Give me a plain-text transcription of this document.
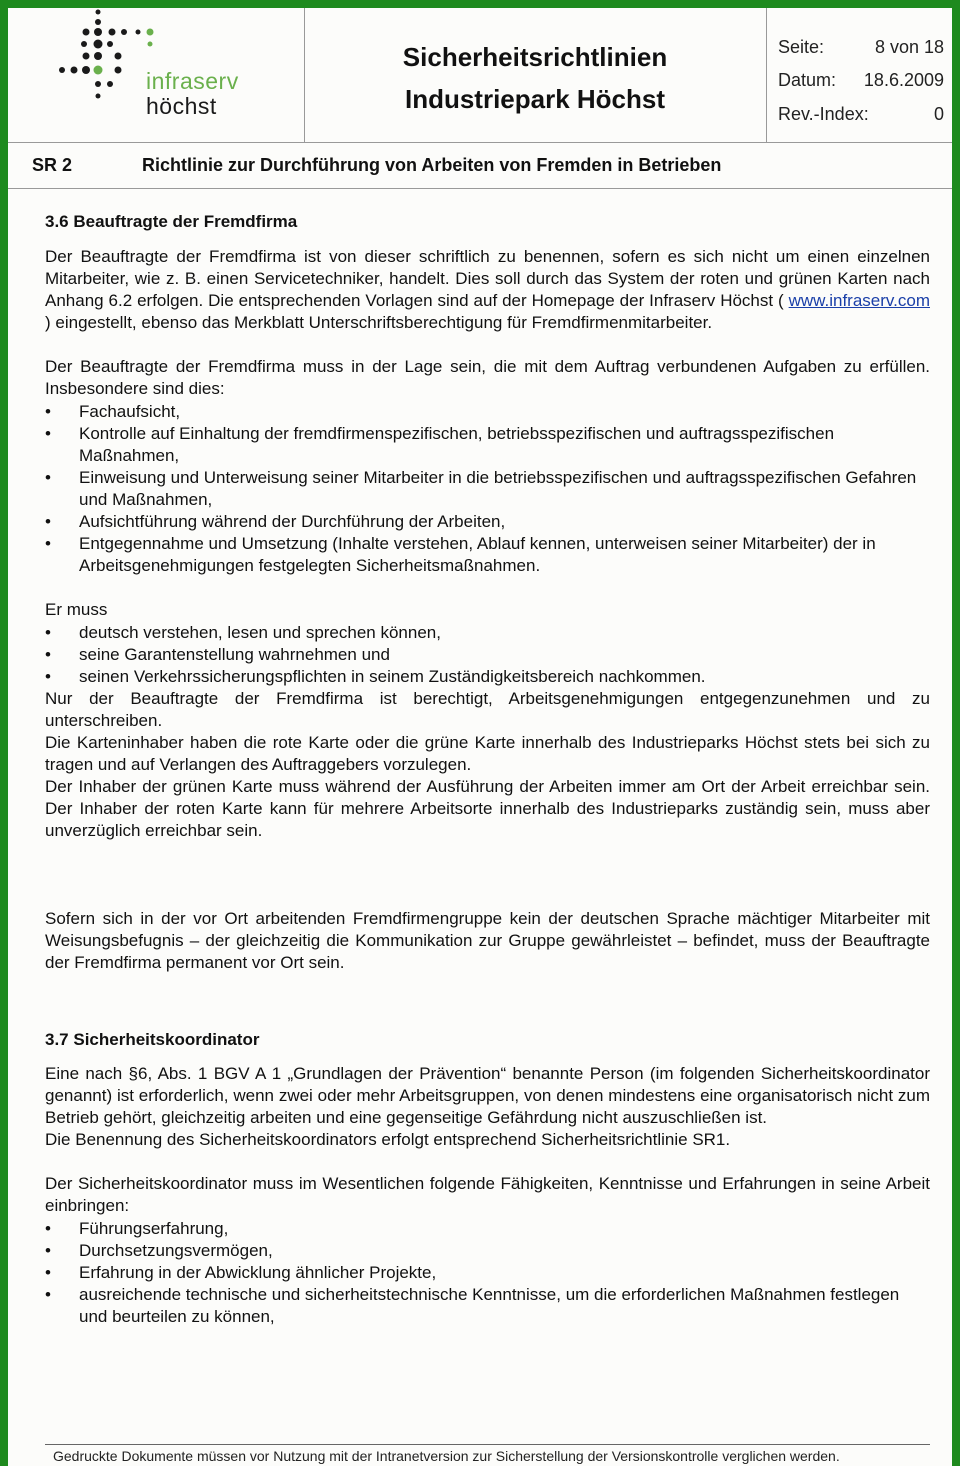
infraserv
höchst
Sicherheitsrichtlinien
Industriepark Höchst
Seite:	8 von 18
Datum: 18.6.2009
Rev.-Index:	0
SR 2	Richtlinie zur Durchführung von Arbeiten von Fremden in Betrieben
3.6 Beauftragte der Fremdfirma

Der Beauftragte der Fremdfirma ist von dieser schriftlich zu benennen, sofern es sich nicht um einen einzelnen Mitarbeiter, wie z. B. einen Servicetechniker, handelt. Dies soll durch das System der roten und grünen Karten nach Anhang 6.2 erfolgen. Die entsprechenden Vorlagen sind auf der Homepage der Infraserv Höchst ( www.infraserv.com ) eingestellt, ebenso das Merkblatt Unterschriftsberechtigung für Fremdfirmenmitarbeiter.

Der Beauftragte der Fremdfirma muss in der Lage sein, die mit dem Auftrag verbundenen Aufgaben zu erfüllen. Insbesondere sind dies:

• Fachaufsicht,
• Kontrolle auf Einhaltung der fremdfirmenspezifischen, betriebsspezifischen und auftragsspezifischen Maßnahmen,
• Einweisung und Unterweisung seiner Mitarbeiter in die betriebsspezifischen und auftragsspezifischen Gefahren und Maßnahmen,
• Aufsichtführung während der Durchführung der Arbeiten,
• Entgegennahme und Umsetzung (Inhalte verstehen, Ablauf kennen, unterweisen seiner Mitarbeiter) der in Arbeitsgenehmigungen festgelegten Sicherheitsmaßnahmen.

Er muss

• deutsch verstehen, lesen und sprechen können,
• seine Garantenstellung wahrnehmen und
• seinen Verkehrssicherungspflichten in seinem Zuständigkeitsbereich nachkommen.

Nur der Beauftragte der Fremdfirma ist berechtigt, Arbeitsgenehmigungen entgegenzunehmen und zu unterschreiben.

Die Karteninhaber haben die rote Karte oder die grüne Karte innerhalb des Industrieparks Höchst stets bei sich zu tragen und auf Verlangen des Auftraggebers vorzulegen.

Der Inhaber der grünen Karte muss während der Ausführung der Arbeiten immer am Ort der Arbeit erreichbar sein. Der Inhaber der roten Karte kann für mehrere Arbeitsorte innerhalb des Industrieparks zuständig sein, muss aber unverzüglich erreichbar sein.

Sofern sich in der vor Ort arbeitenden Fremdfirmengruppe kein der deutschen Sprache mächtiger Mitarbeiter mit Weisungsbefugnis – der gleichzeitig die Kommunikation zur Gruppe gewährleistet – befindet, muss der Beauftragte der Fremdfirma permanent vor Ort sein.

3.7 Sicherheitskoordinator

Eine nach §6, Abs. 1 BGV A 1 „Grundlagen der Prävention“ benannte Person (im folgenden Sicherheitskoordinator genannt) ist erforderlich, wenn zwei oder mehr Arbeitsgruppen, von denen mindestens eine organisatorisch nicht zum Betrieb gehört, gleichzeitig arbeiten und eine gegenseitige Gefährdung nicht auszuschließen ist.

Die Benennung des Sicherheitskoordinators erfolgt entsprechend Sicherheitsrichtlinie SR1.

Der Sicherheitskoordinator muss im Wesentlichen folgende Fähigkeiten, Kenntnisse und Erfahrungen in seine Arbeit einbringen:

• Führungserfahrung,
• Durchsetzungsvermögen,
• Erfahrung in der Abwicklung ähnlicher Projekte,
• ausreichende technische und sicherheitstechnische Kenntnisse, um die erforderlichen Maßnahmen festlegen und beurteilen zu können,
Gedruckte Dokumente müssen vor Nutzung mit der Intranetversion zur Sicherstellung der Versionskontrolle verglichen werden.
